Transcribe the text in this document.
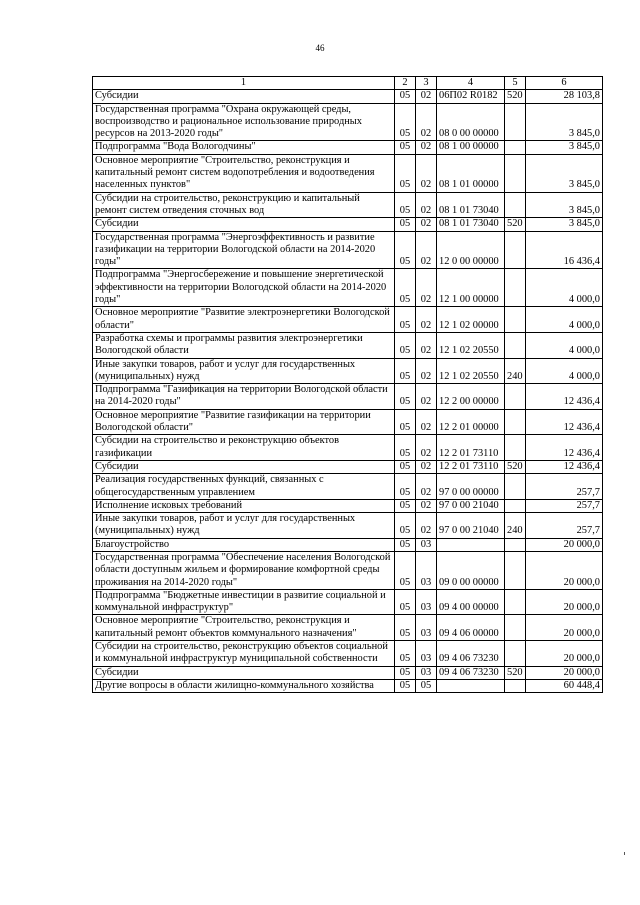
46
1	2	3	4	5	6
Субсидии	05	02	06П02 R0182	520	28 103,8
Государственная программа "Охрана окружающей среды, воспроизводство и рациональное использование природных ресурсов на 2013-2020 годы"	05	02	08 0 00 00000		3 845,0
Подпрограмма "Вода Вологодчины"	05	02	08 1 00 00000		3 845,0
Основное мероприятие "Строительство, реконструкция и капитальный ремонт систем водопотребления и водоотведения населенных пунктов"	05	02	08 1 01 00000		3 845,0
Субсидии на строительство, реконструкцию и капитальный ремонт систем отведения сточных вод	05	02	08 1 01 73040		3 845,0
Субсидии	05	02	08 1 01 73040	520	3 845,0
Государственная программа "Энергоэффективность и развитие газификации на территории Вологодской области на 2014-2020 годы"	05	02	12 0 00 00000		16 436,4
Подпрограмма "Энергосбережение и повышение энергетической эффективности на территории Вологодской области на 2014-2020 годы"	05	02	12 1 00 00000		4 000,0
Основное мероприятие "Развитие электроэнергетики Вологодской области"	05	02	12 1 02 00000		4 000,0
Разработка схемы и программы развития электроэнергетики Вологодской области	05	02	12 1 02 20550		4 000,0
Иные закупки товаров, работ и услуг для государственных (муниципальных) нужд	05	02	12 1 02 20550	240	4 000,0
Подпрограмма "Газификация на территории Вологодской области на 2014-2020 годы"	05	02	12 2 00 00000		12 436,4
Основное мероприятие "Развитие газификации на территории Вологодской области"	05	02	12 2 01 00000		12 436,4
Субсидии на строительство и реконструкцию объектов газификации	05	02	12 2 01 73110		12 436,4
Субсидии	05	02	12 2 01 73110	520	12 436,4
Реализация государственных функций, связанных с общегосударственным управлением	05	02	97 0 00 00000		257,7
Исполнение исковых требований	05	02	97 0 00 21040		257,7
Иные закупки товаров, работ и услуг для государственных (муниципальных) нужд	05	02	97 0 00 21040	240	257,7
Благоустройство	05	03			20 000,0
Государственная программа "Обеспечение населения Вологодской области доступным жильем и формирование комфортной среды проживания на 2014-2020 годы"	05	03	09 0 00 00000		20 000,0
Подпрограмма "Бюджетные инвестиции в развитие социальной и коммунальной инфраструктур"	05	03	09 4 00 00000		20 000,0
Основное мероприятие "Строительство, реконструкция и капитальный ремонт объектов коммунального назначения"	05	03	09 4 06 00000		20 000,0
Субсидии на строительство, реконструкцию объектов социальной и коммунальной инфраструктур муниципальной собственности	05	03	09 4 06 73230		20 000,0
Субсидии	05	03	09 4 06 73230	520	20 000,0
Другие вопросы в области жилищно-коммунального хозяйства	05	05			60 448,4
